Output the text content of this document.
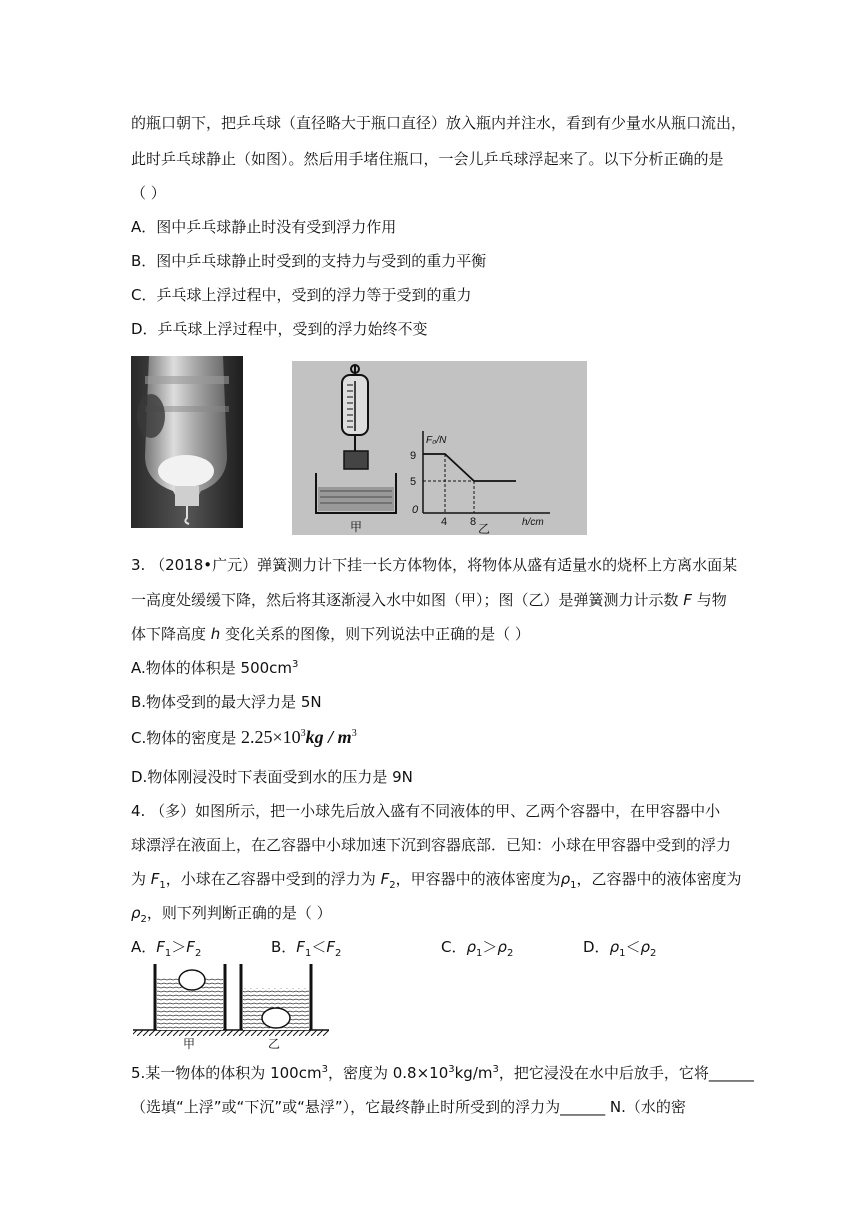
的瓶口朝下，把乒乓球（直径略大于瓶口直径）放入瓶内并注水，看到有少量水从瓶口流出，
此时乒乓球静止（如图）。然后用手堵住瓶口，一会儿乒乓球浮起来了。以下分析正确的是
（ ）
A．图中乒乓球静止时没有受到浮力作用
B．图中乒乓球静止时受到的支持力与受到的重力平衡
C．乒乓球上浮过程中，受到的浮力等于受到的重力
D．乒乓球上浮过程中，受到的浮力始终不变
甲
F₀/N
9
5
0
4 8	h/cm
乙
3. （2018•广元）弹簧测力计下挂一长方体物体，将物体从盛有适量水的烧杯上方离水面某
一高度处缓缓下降，然后将其逐渐浸入水中如图（甲）；图（乙）是弹簧测力计示数 F 与物
体下降高度 h 变化关系的图像，则下列说法中正确的是（ ）
A.物体的体积是 $500cm^3$
B.物体受到的最大浮力是 5N
C.物体的密度是 $2.25\times 10^3kg / m^3$
D.物体刚浸没时下表面受到水的压力是 9N
4. （多）如图所示，把一小球先后放入盛有不同液体的甲、乙两个容器中，在甲容器中小
球漂浮在液面上，在乙容器中小球加速下沉到容器底部．已知：小球在甲容器中受到的浮力
为 $F_1$，小球在乙容器中受到的浮力为 $F_2$，甲容器中的液体密度为$\rho_1$，乙容器中的液体密度为
$\rho_2$，则下列判断正确的是（ ）
A．$F_1>F_2$	B．$F_1<F_2$	C．$\rho_1>\rho_2$	D．$\rho_1<\rho_2$
甲	乙
5.某一物体的体积为 $100cm^3$，密度为 $0.8\times 10^3kg/m^3$，把它浸没在水中后放手，它将______
（选填“上浮”或“下沉”或“悬浮”），它最终静止时所受到的浮力为______ N.（水的密
